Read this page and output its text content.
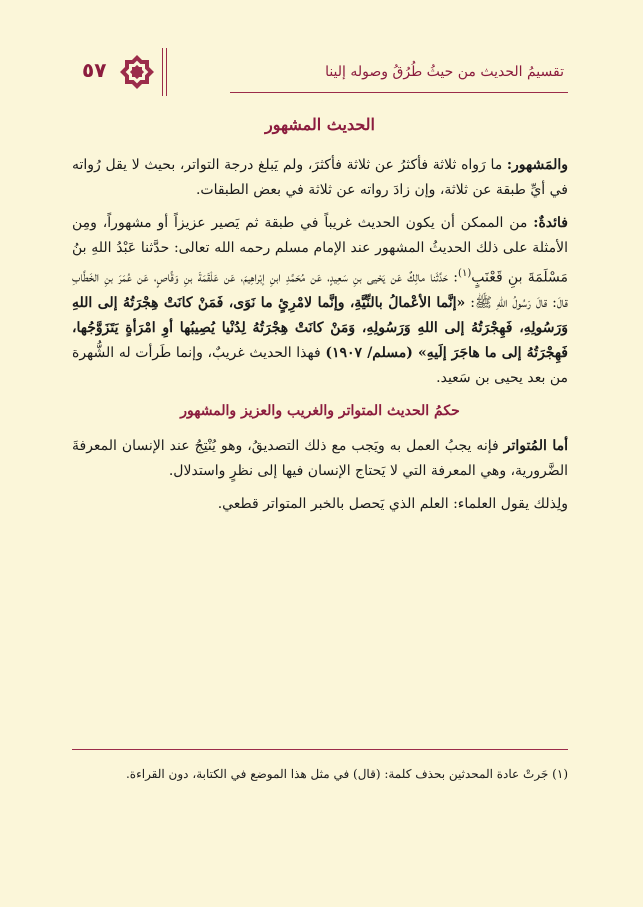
٥٧	تقسيمُ الحديث من حيثُ طُرُقُ وصوله إلينا
الحديث المشهور

والمَشهور: ما رَواه ثلاثة فأكثرُ عن ثلاثة فأكثرَ، ولم يَبلغ درجة التواتر، بحيث لا يقل رُواته في أيِّ طبقة عن ثلاثة، وإن زادَ رواته عن ثلاثة في بعض الطبقات.

فائدةٌ: من الممكن أن يكون الحديث غريباً في طبقة ثم يَصير عزيزاً أو مشهوراً، ومِن الأمثلة على ذلك الحديثُ المشهور عند الإمام مسلم رحمه الله تعالى: حدَّثنا عَبْدُ اللهِ بنُ مَسْلَمَةَ بنِ قَعْنَبٍ$^{(١)}$: حَدَّثَنا مالِكٌ عَن يَحْيى بنِ سَعِيدٍ، عَن مُحَمَّدِ ابنِ إبْراهِيمَ، عَن عَلْقَمَةَ بنِ وَقَّاصٍ، عَن عُمَرَ بنِ الخَطَّابِ قالَ: قالَ رَسُولُ اللهِ ﷺ: «إنَّما الأعْمالُ بالنِّيَّةِ، وإنَّما لامْرِئٍ ما نَوَى، فَمَنْ كانَتْ هِجْرَتُهُ إلى اللهِ وَرَسُولِهِ، فَهِجْرَتُهُ إلى اللهِ وَرَسُولِهِ، وَمَنْ كانَتْ هِجْرَتُهُ لِدُنْيا يُصِيبُها أوِ امْرَأةٍ يَتَزَوَّجُها، فَهِجْرَتُهُ إلى ما هاجَرَ إلَيهِ» (مسلم/ ١٩٠٧) فهذا الحديث غريبٌ، وإنما طَرأت له الشُّهرة من بعد يحيى بن سَعيد.

حكمُ الحديث المتواتر والغريب والعزيز والمشهور

أما المُتواتر فإنه يجبُ العمل به ويَجب مع ذلك التصديقُ، وهو يُنْتِجُ عند الإنسان المعرفةَ الضَّرورية، وهي المعرفة التي لا يَحتاج الإنسان فيها إلى نظرٍ واستدلال.

ولِذلك يقول العلماء: العلم الذي يَحصل بالخبر المتواتر قطعي.

(١) جَرتْ عادة المحدثين بحذف كلمة: (قال) في مثل هذا الموضع في الكتابة، دون القراءة.
